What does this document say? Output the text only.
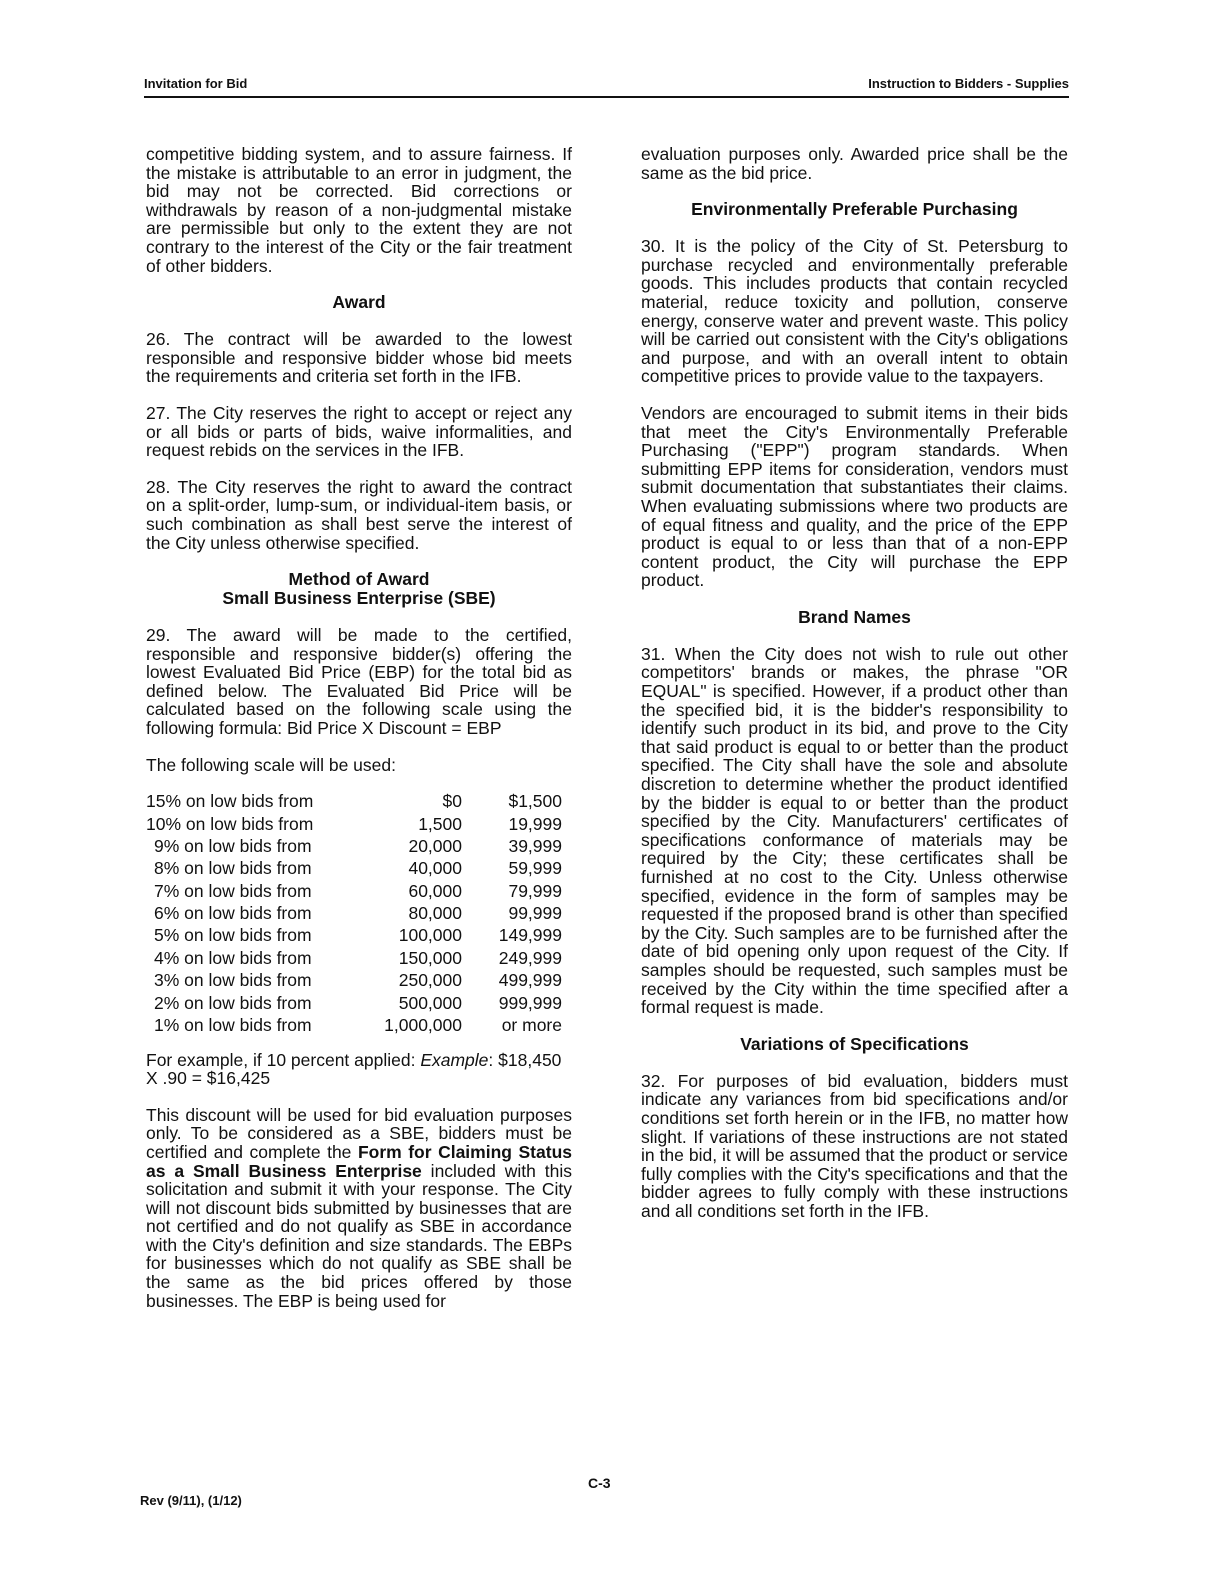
Invitation for Bid	Instruction to Bidders - Supplies

competitive bidding system, and to assure fairness. If the mistake is attributable to an error in judgment, the bid may not be corrected. Bid corrections or withdrawals by reason of a non-judgmental mistake are permissible but only to the extent they are not contrary to the interest of the City or the fair treatment of other bidders.

Award

26. The contract will be awarded to the lowest responsible and responsive bidder whose bid meets the requirements and criteria set forth in the IFB.

27. The City reserves the right to accept or reject any or all bids or parts of bids, waive informalities, and request rebids on the services in the IFB.

28. The City reserves the right to award the contract on a split-order, lump-sum, or individual-item basis, or such combination as shall best serve the interest of the City unless otherwise specified.

Method of Award
Small Business Enterprise (SBE)

29. The award will be made to the certified, responsible and responsive bidder(s) offering the lowest Evaluated Bid Price (EBP) for the total bid as defined below. The Evaluated Bid Price will be calculated based on the following scale using the following formula: Bid Price X Discount = EBP

The following scale will be used:

15% on low bids from	$0	$1,500
10% on low bids from	1,500	19,999
9% on low bids from	20,000	39,999
8% on low bids from	40,000	59,999
7% on low bids from	60,000	79,999
6% on low bids from	80,000	99,999
5% on low bids from	100,000	149,999
4% on low bids from	150,000	249,999
3% on low bids from	250,000	499,999
2% on low bids from	500,000	999,999
1% on low bids from	1,000,000	or more

For example, if 10 percent applied: Example: $18,450 X .90 = $16,425

This discount will be used for bid evaluation purposes only. To be considered as a SBE, bidders must be certified and complete the Form for Claiming Status as a Small Business Enterprise included with this solicitation and submit it with your response. The City will not discount bids submitted by businesses that are not certified and do not qualify as SBE in accordance with the City's definition and size standards. The EBPs for businesses which do not qualify as SBE shall be the same as the bid prices offered by those businesses. The EBP is being used for

evaluation purposes only. Awarded price shall be the same as the bid price.

Environmentally Preferable Purchasing

30. It is the policy of the City of St. Petersburg to purchase recycled and environmentally preferable goods. This includes products that contain recycled material, reduce toxicity and pollution, conserve energy, conserve water and prevent waste. This policy will be carried out consistent with the City's obligations and purpose, and with an overall intent to obtain competitive prices to provide value to the taxpayers.

Vendors are encouraged to submit items in their bids that meet the City's Environmentally Preferable Purchasing ("EPP") program standards. When submitting EPP items for consideration, vendors must submit documentation that substantiates their claims. When evaluating submissions where two products are of equal fitness and quality, and the price of the EPP product is equal to or less than that of a non-EPP content product, the City will purchase the EPP product.

Brand Names

31. When the City does not wish to rule out other competitors' brands or makes, the phrase "OR EQUAL" is specified. However, if a product other than the specified bid, it is the bidder's responsibility to identify such product in its bid, and prove to the City that said product is equal to or better than the product specified. The City shall have the sole and absolute discretion to determine whether the product identified by the bidder is equal to or better than the product specified by the City. Manufacturers' certificates of specifications conformance of materials may be required by the City; these certificates shall be furnished at no cost to the City. Unless otherwise specified, evidence in the form of samples may be requested if the proposed brand is other than specified by the City. Such samples are to be furnished after the date of bid opening only upon request of the City. If samples should be requested, such samples must be received by the City within the time specified after a formal request is made.

Variations of Specifications

32. For purposes of bid evaluation, bidders must indicate any variances from bid specifications and/or conditions set forth herein or in the IFB, no matter how slight. If variations of these instructions are not stated in the bid, it will be assumed that the product or service fully complies with the City's specifications and that the bidder agrees to fully comply with these instructions and all conditions set forth in the IFB.

C-3
Rev (9/11), (1/12)
